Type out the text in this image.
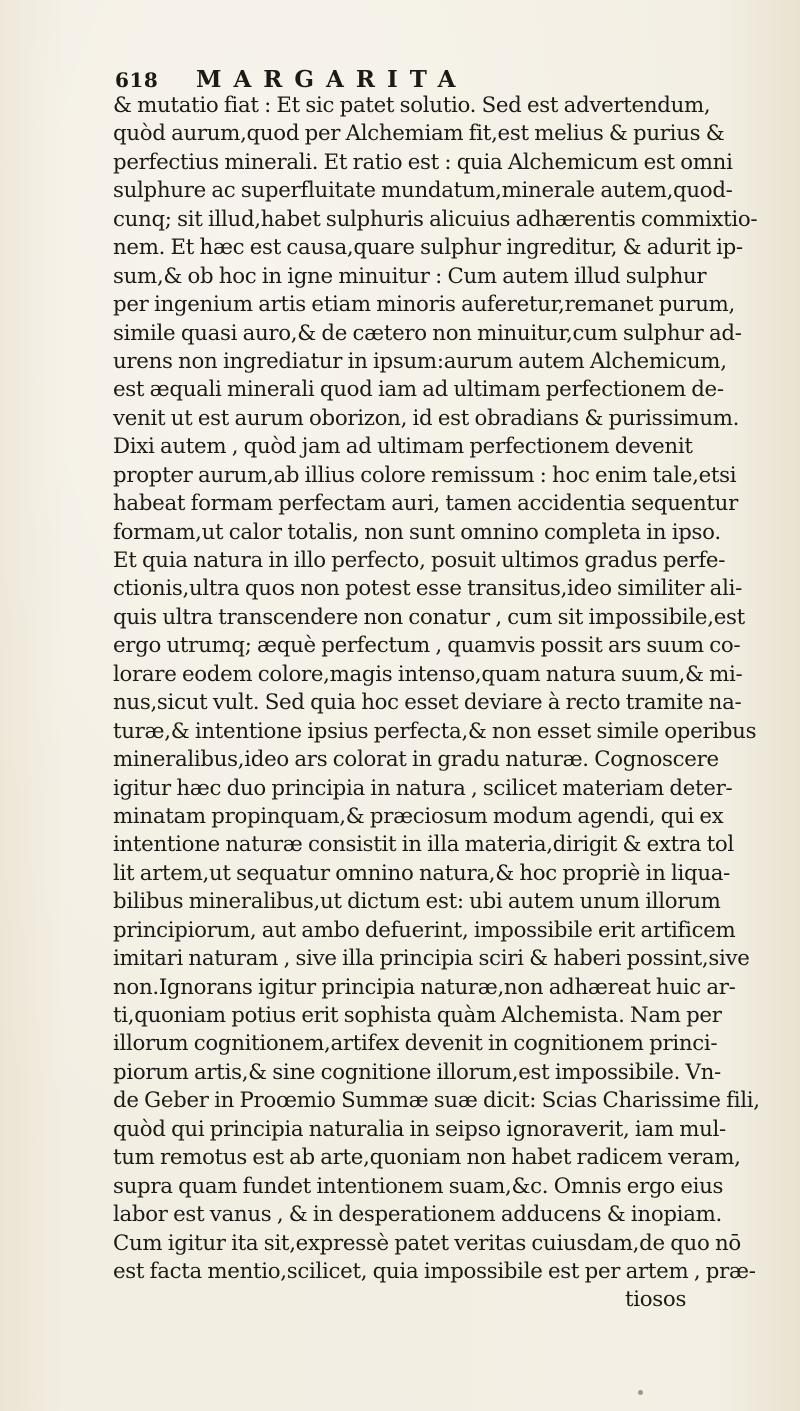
618 MARGARITA
& mutatio fiat : Et sic patet solutio. Sed est advertendum,
quòd aurum,quod per Alchemiam fit,est melius & purius &
perfectius minerali. Et ratio est : quia Alchemicum est omni
sulphure ac superfluitate mundatum,minerale autem,quod-
cunq; sit illud,habet sulphuris alicuius adhærentis commixtio-
nem. Et hæc est causa,quare sulphur ingreditur, & adurit ip-
sum,& ob hoc in igne minuitur : Cum autem illud sulphur
per ingenium artis etiam minoris auferetur,remanet purum,
simile quasi auro,& de cætero non minuitur,cum sulphur ad-
urens non ingrediatur in ipsum:aurum autem Alchemicum,
est æquali minerali quod iam ad ultimam perfectionem de-
venit ut est aurum oborizon, id est obradians & purissimum.
Dixi autem , quòd jam ad ultimam perfectionem devenit
propter aurum,ab illius colore remissum : hoc enim tale,etsi
habeat formam perfectam auri, tamen accidentia sequentur
formam,ut calor totalis, non sunt omnino completa in ipso.
Et quia natura in illo perfecto, posuit ultimos gradus perfe-
ctionis,ultra quos non potest esse transitus,ideo similiter ali-
quis ultra transcendere non conatur , cum sit impossibile,est
ergo utrumq; æquè perfectum , quamvis possit ars suum co-
lorare eodem colore,magis intenso,quam natura suum,& mi-
nus,sicut vult. Sed quia hoc esset deviare à recto tramite na-
turæ,& intentione ipsius perfecta,& non esset simile operibus
mineralibus,ideo ars colorat in gradu naturæ. Cognoscere
igitur hæc duo principia in natura , scilicet materiam deter-
minatam propinquam,& præciosum modum agendi, qui ex
intentione naturæ consistit in illa materia,dirigit & extra tol
lit artem,ut sequatur omnino natura,& hoc propriè in liqua-
bilibus mineralibus,ut dictum est: ubi autem unum illorum
principiorum, aut ambo defuerint, impossibile erit artificem
imitari naturam , sive illa principia sciri & haberi possint,sive
non.Ignorans igitur principia naturæ,non adhæreat huic ar-
ti,quoniam potius erit sophista quàm Alchemista. Nam per
illorum cognitionem,artifex devenit in cognitionem princi-
piorum artis,& sine cognitione illorum,est impossibile. Vn-
de Geber in Proœmio Summæ suæ dicit: Scias Charissime fili,
quòd qui principia naturalia in seipso ignoraverit, iam mul-
tum remotus est ab arte,quoniam non habet radicem veram,
supra quam fundet intentionem suam,&c. Omnis ergo eius
labor est vanus , & in desperationem adducens & inopiam.
Cum igitur ita sit,expressè patet veritas cuiusdam,de quo nō
est facta mentio,scilicet, quia impossibile est per artem , præ-
tiosos
